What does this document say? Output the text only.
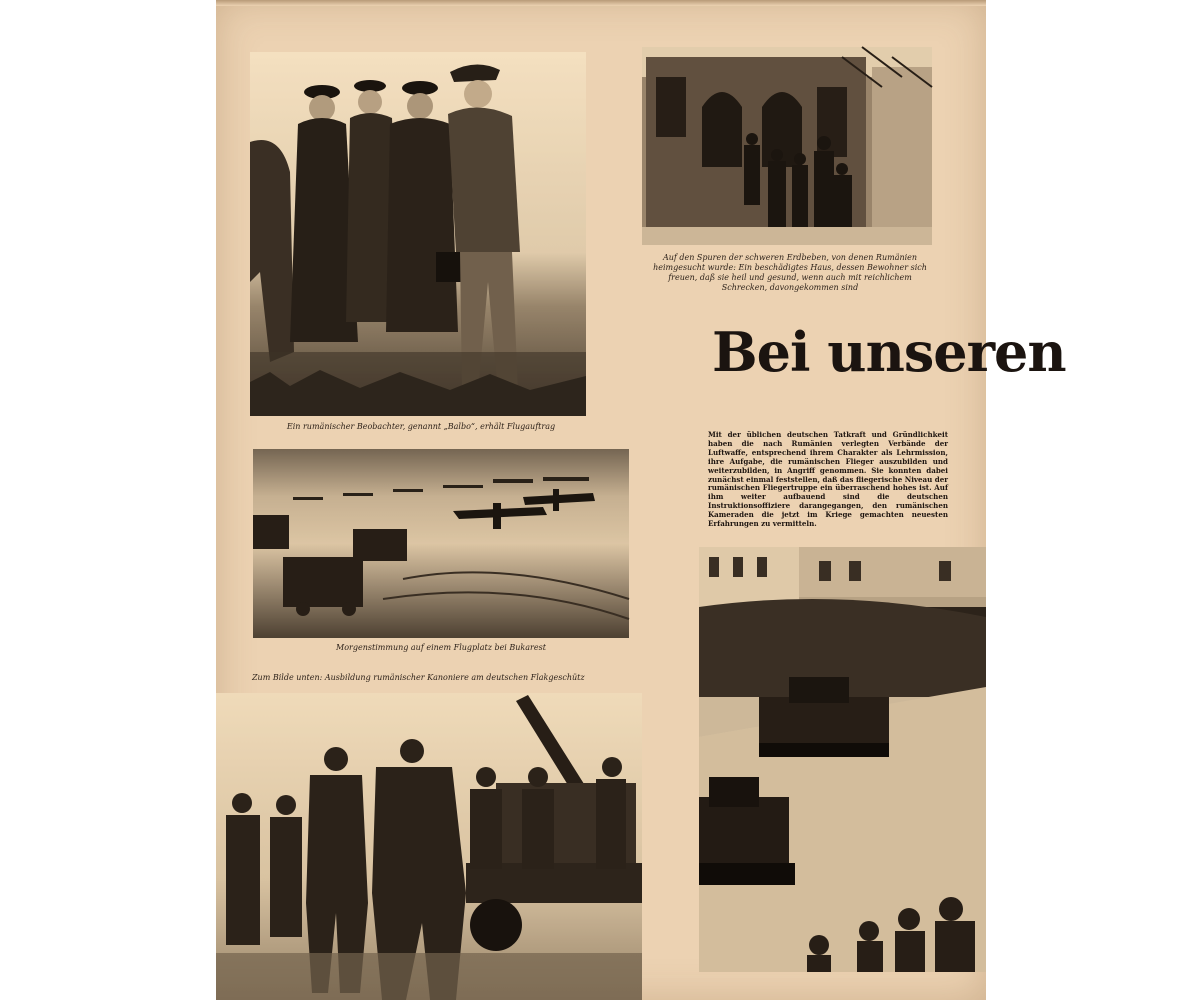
Ein rumänischer Beobachter, genannt „Balbo“, erhält Flugauftrag
Auf den Spuren der schweren Erdbeben, von denen Rumänien heimgesucht wurde: Ein beschädigtes Haus, dessen Bewohner sich freuen, daß sie heil und gesund, wenn auch mit reichlichem Schrecken, davongekommen sind
Bei unseren
Mit der üblichen deutschen Tatkraft und Gründlichkeit haben die nach Rumänien verlegten Verbände der Luftwaffe, entsprechend ihrem Charakter als Lehrmission, ihre Aufgabe, die rumänischen Flieger auszubilden und weiterzubilden, in Angriff genommen. Sie konnten dabei zunächst einmal feststellen, daß das fliegerische Niveau der rumänischen Fliegertruppe ein überraschend hohes ist. Auf ihm weiter aufbauend sind die deutschen Instruktionsoffiziere darangegangen, den rumänischen Kameraden die jetzt im Kriege gemachten neuesten Erfahrungen zu vermitteln.
Morgenstimmung auf einem Flugplatz bei Bukarest
Zum Bilde unten: Ausbildung rumänischer Kanoniere am deutschen Flakgeschütz
